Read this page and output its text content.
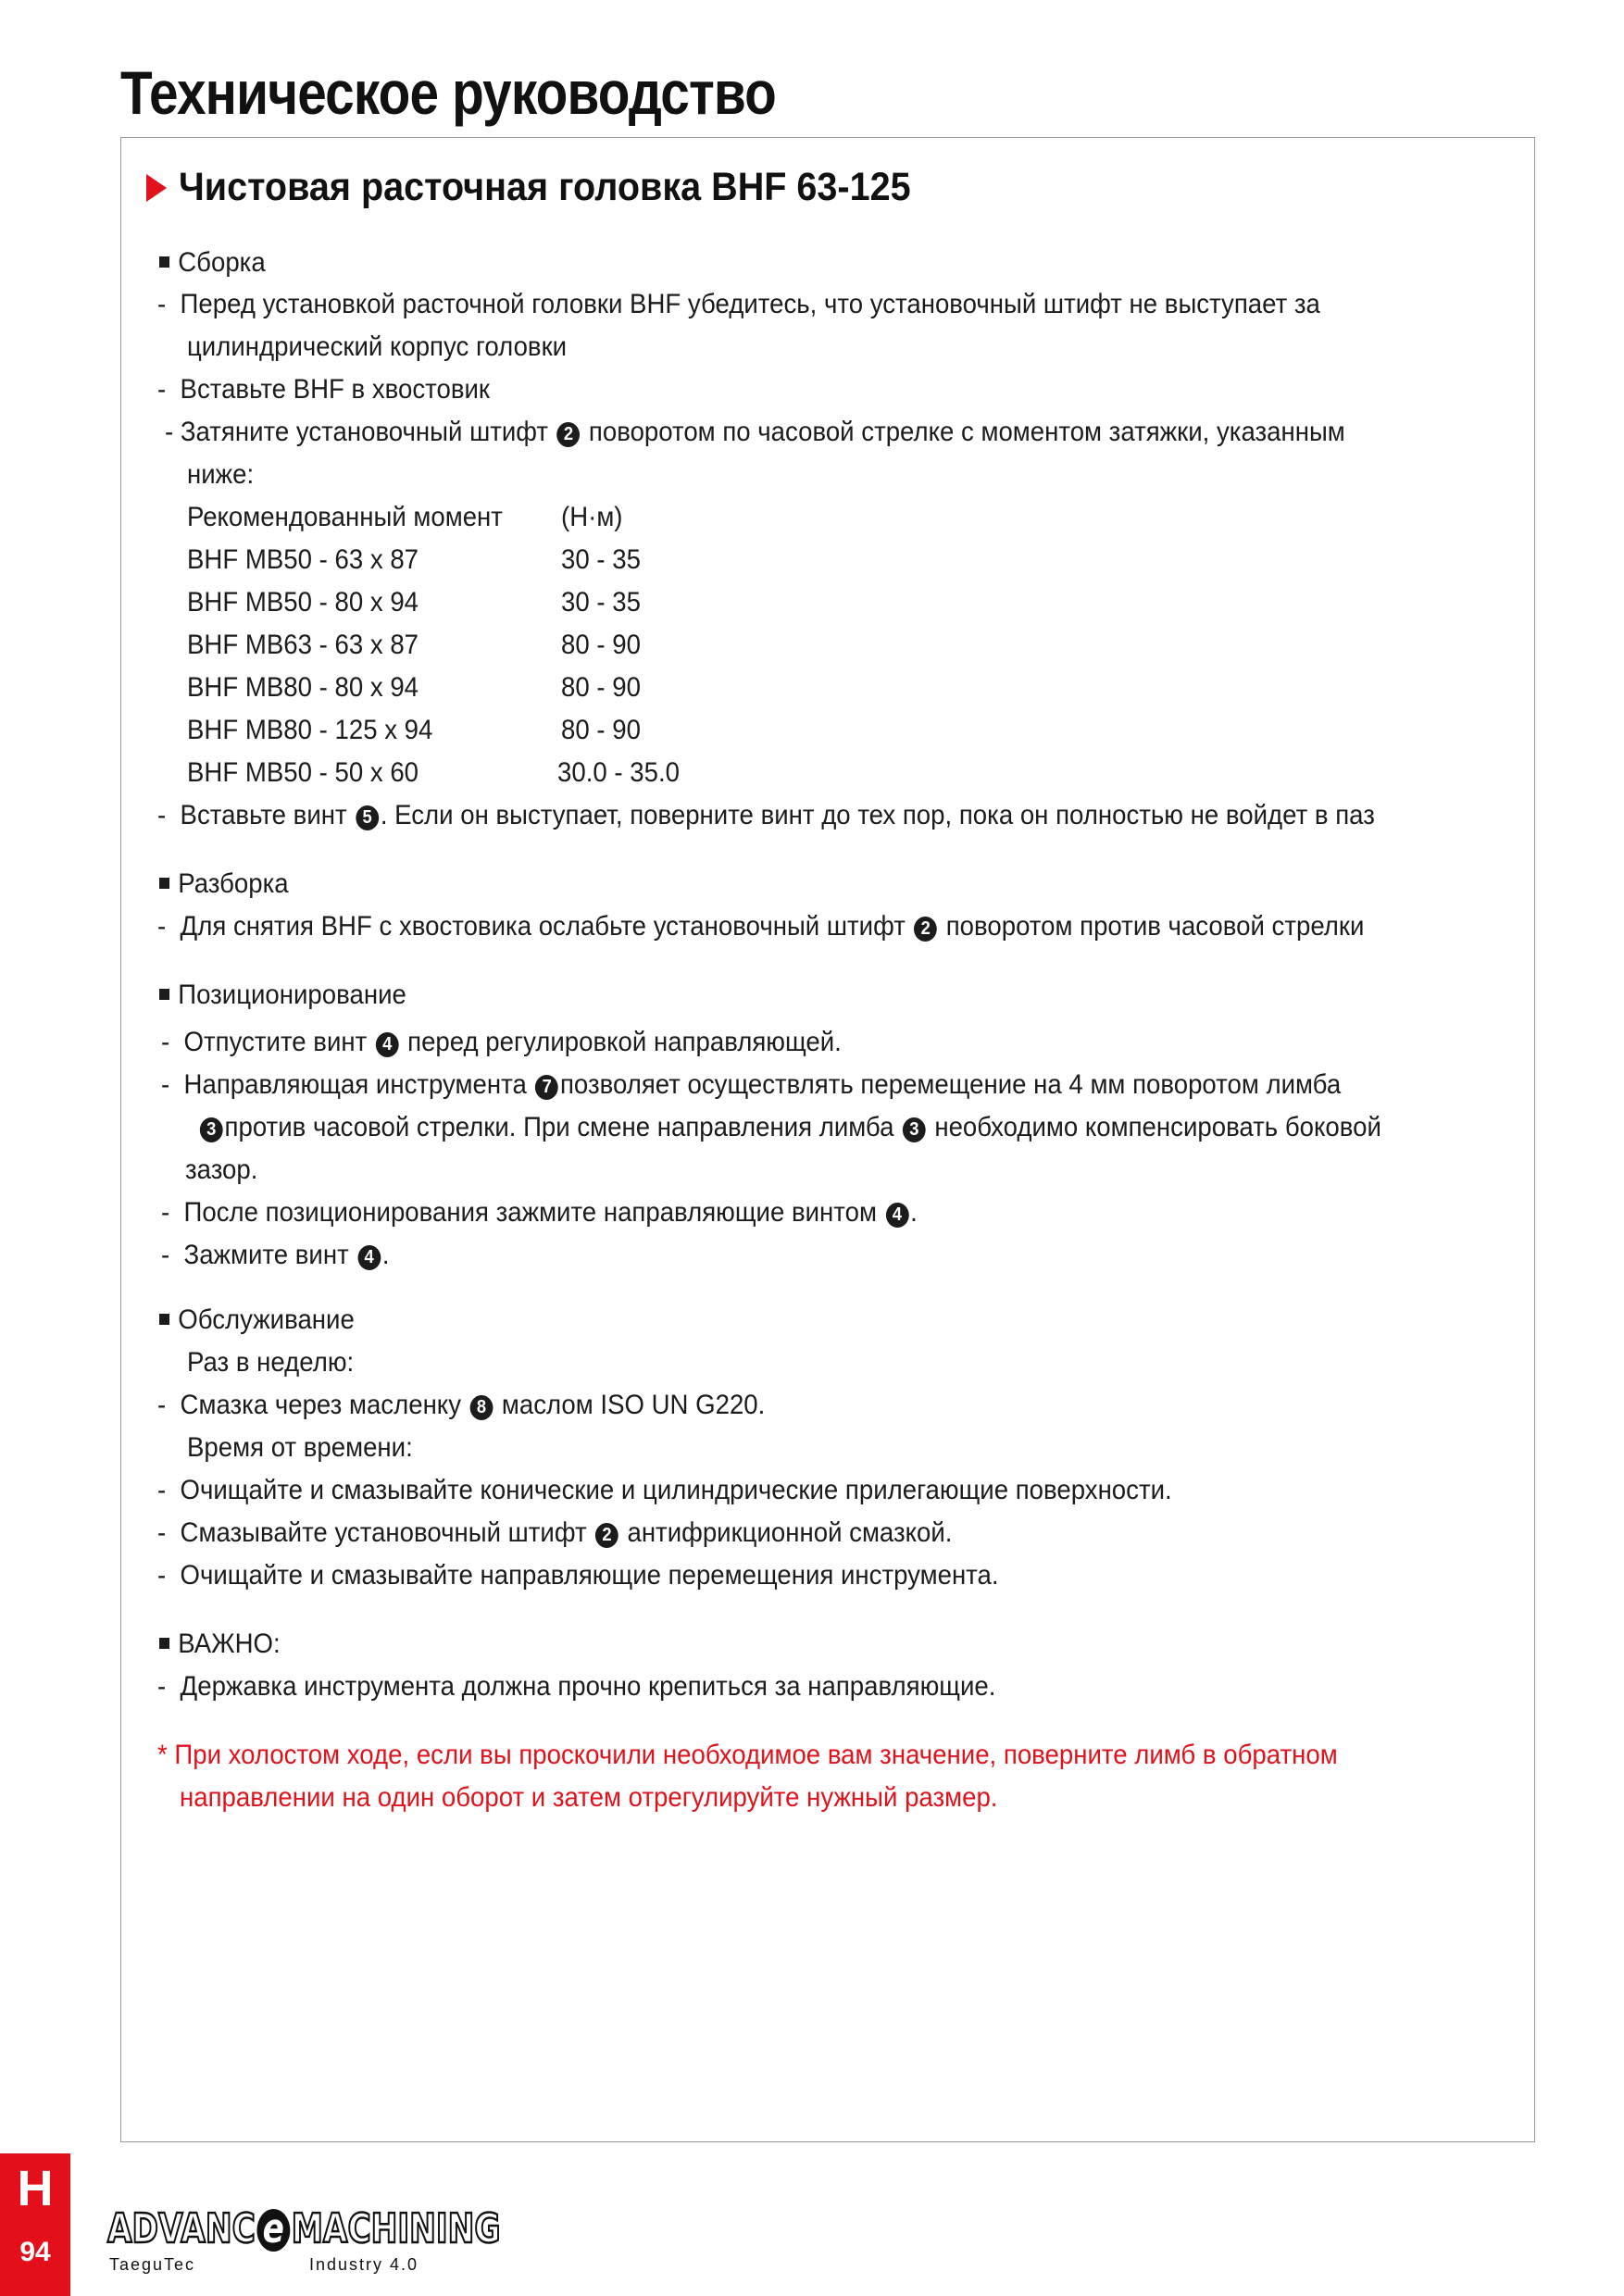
Техническое руководство
Чистовая расточная головка BHF 63-125
Сборка
- Перед установкой расточной головки BHF убедитесь, что установочный штифт не выступает за
цилиндрический корпус головки
- Вставьте BHF в хвостовик
- Затяните установочный штифт 2 поворотом по часовой стрелке с моментом затяжки, указанным
ниже:
Рекомендованный момент (Н·м)
BHF MB50 - 63 x 87	30 - 35
BHF MB50 - 80 x 94	30 - 35
BHF MB63 - 63 x 87	80 - 90
BHF MB80 - 80 x 94	80 - 90
BHF MB80 - 125 x 94	80 - 90
BHF MB50 - 50 x 60	30.0 - 35.0
- Вставьте винт 5 . Если он выступает, поверните винт до тех пор, пока он полностью не войдет в паз
Разборка
- Для снятия BHF с хвостовика ослабьте установочный штифт 2 поворотом против часовой стрелки
Позиционирование
- Отпустите винт 4 перед регулировкой направляющей.
- Направляющая инструмента 7 позволяет осуществлять перемещение на 4 мм поворотом лимба
3 против часовой стрелки. При смене направления лимба 3 необходимо компенсировать боковой
зазор.
- После позиционирования зажмите направляющие винтом 4 .
- Зажмите винт 4 .
Обслуживание
Раз в неделю:
- Смазка через масленку 8 маслом ISO UN G220.
Время от времени:
- Очищайте и смазывайте конические и цилиндрические прилегающие поверхности.
- Смазывайте установочный штифт 2 антифрикционной смазкой.
- Очищайте и смазывайте направляющие перемещения инструмента.
ВАЖНО:
- Державка инструмента должна прочно крепиться за направляющие.
* При холостом ходе, если вы проскочили необходимое вам значение, поверните лимб в обратном
направлении на один оборот и затем отрегулируйте нужный размер.
H
94	ADVANC e MACHINING
TaeguTec	Industry 4.0
